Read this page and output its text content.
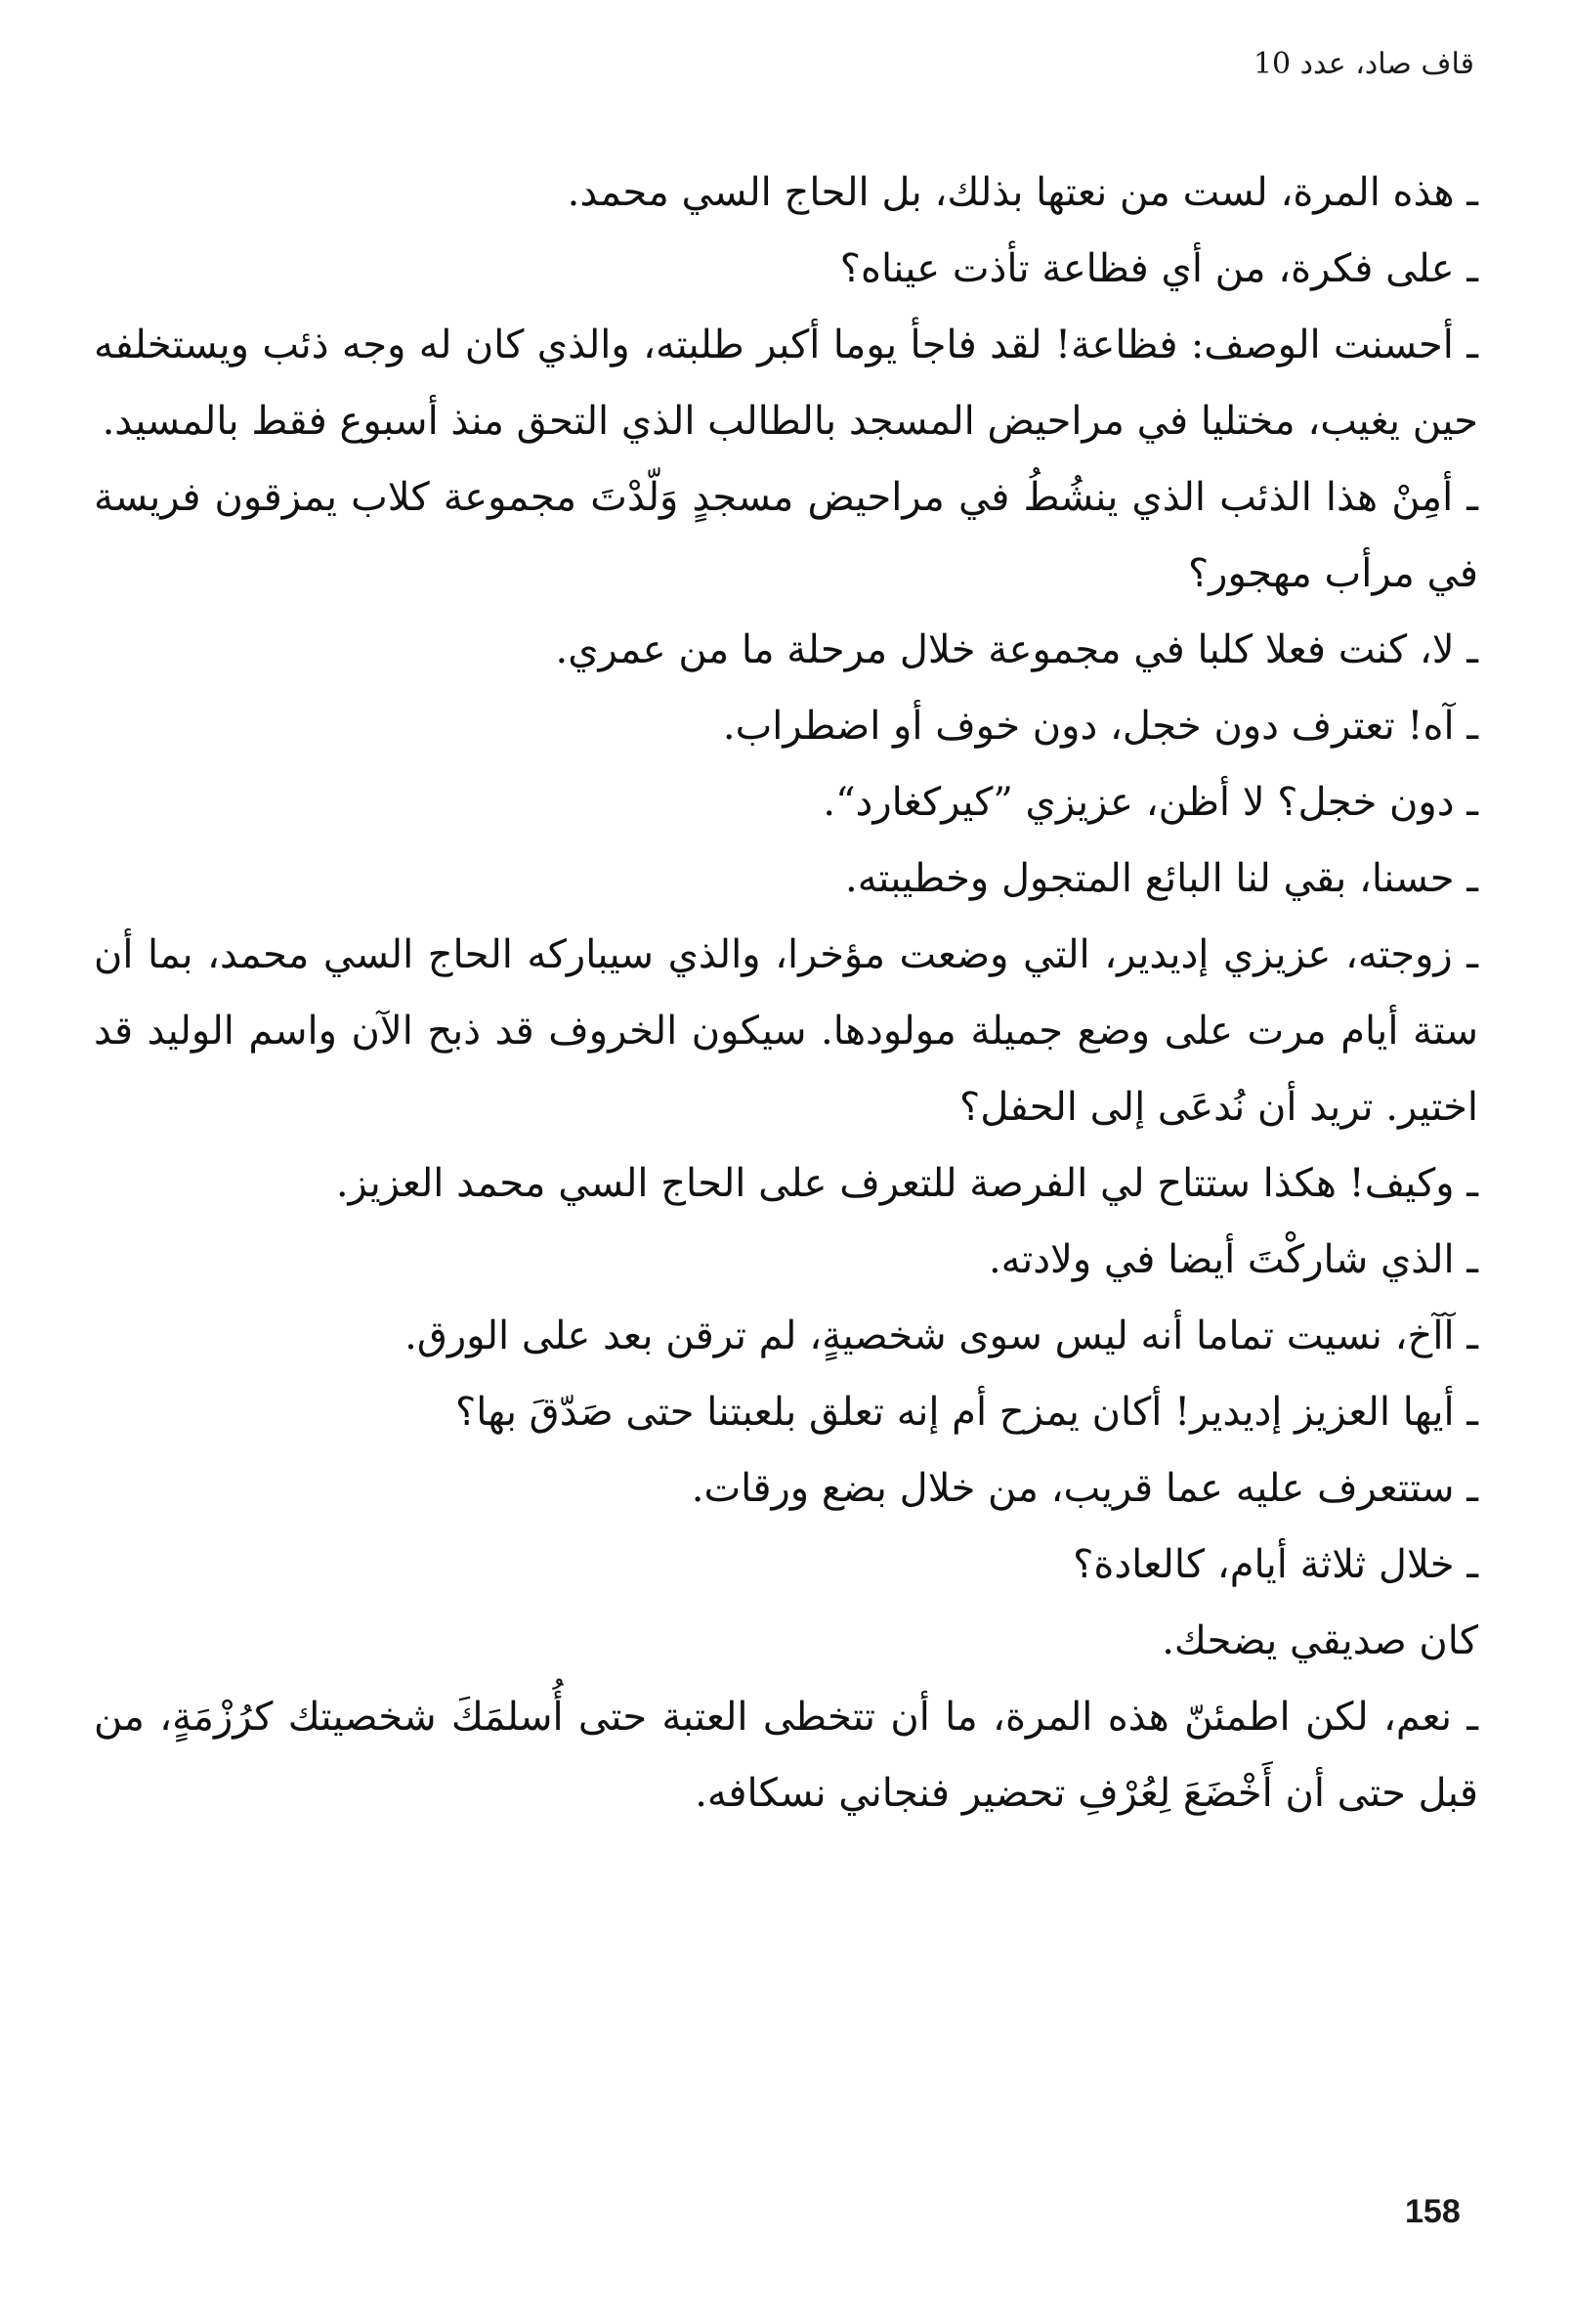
قاف صاد، عدد 10

ـ هذه المرة، لست من نعتها بذلك، بل الحاج السي محمد.

ـ على فكرة، من أي فظاعة تأذت عيناه؟

ـ أحسنت الوصف: فظاعة! لقد فاجأ يوما أكبر طلبته، والذي كان له وجه ذئب ويستخلفه حين يغيب، مختليا في مراحيض المسجد بالطالب الذي التحق منذ أسبوع فقط بالمسيد.

ـ أمِنْ هذا الذئب الذي ينشُطُ في مراحيض مسجدٍ وَلّدْتَ مجموعة كلاب يمزقون فريسة في مرأب مهجور؟

ـ لا، كنت فعلا كلبا في مجموعة خلال مرحلة ما من عمري.

ـ آه! تعترف دون خجل، دون خوف أو اضطراب.

ـ دون خجل؟ لا أظن، عزيزي ”كيركغارد“.

ـ حسنا، بقي لنا البائع المتجول وخطيبته.

ـ زوجته، عزيزي إديدير، التي وضعت مؤخرا، والذي سيباركه الحاج السي محمد، بما أن ستة أيام مرت على وضع جميلة مولودها. سيكون الخروف قد ذبح الآن واسم الوليد قد اختير. تريد أن نُدعَى إلى الحفل؟

ـ وكيف! هكذا ستتاح لي الفرصة للتعرف على الحاج السي محمد العزيز.

ـ الذي شاركْتَ أيضا في ولادته.

ـ آآخ، نسيت تماما أنه ليس سوى شخصيةٍ، لم ترقن بعد على الورق.

ـ أيها العزيز إديدير! أكان يمزح أم إنه تعلق بلعبتنا حتى صَدّقَ بها؟

ـ ستتعرف عليه عما قريب، من خلال بضع ورقات.

ـ خلال ثلاثة أيام، كالعادة؟

كان صديقي يضحك.

ـ نعم، لكن اطمئنّ هذه المرة، ما أن تتخطى العتبة حتى أُسلمَكَ شخصيتك كرُزْمَةٍ، من قبل حتى أن أَخْضَعَ لِعُرْفِ تحضير فنجاني نسكافه.

158
